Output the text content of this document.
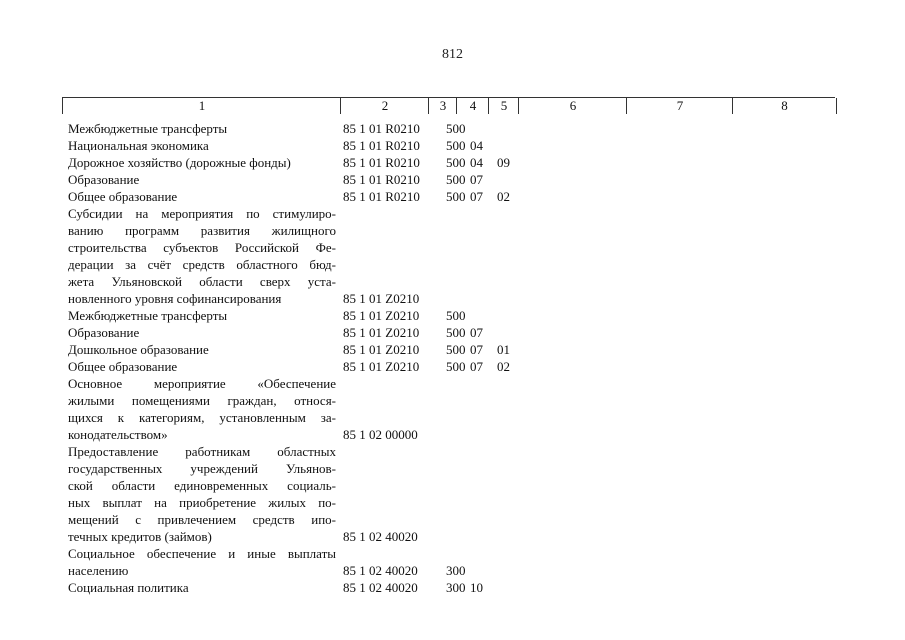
812
1	2	3	4	5	6	7	8
Межбюджетные трансферты	85 1 01 R0210 500
Национальная экономика	85 1 01 R0210 500 04
Дорожное хозяйство (дорожные фонды)	85 1 01 R0210 500 04 09
Образование	85 1 01 R0210 500 07
Общее образование	85 1 01 R0210 500 07 02
Субсидии на мероприятия по стимулиро-
ванию программ развития жилищного
строительства субъектов Российской Фе-
дерации за счёт средств областного бюд-
жета Ульяновской области сверх уста-
новленного уровня софинансирования	85 1 01 Z0210
Межбюджетные трансферты	85 1 01 Z0210 500
Образование	85 1 01 Z0210 500 07
Дошкольное образование	85 1 01 Z0210 500 07 01
Общее образование	85 1 01 Z0210 500 07 02
Основное мероприятие «Обеспечение
жилыми помещениями граждан, относя-
щихся к категориям, установленным за-
конодательством»	85 1 02 00000
Предоставление работникам областных
государственных учреждений Ульянов-
ской области единовременных социаль-
ных выплат на приобретение жилых по-
мещений с привлечением средств ипо-
течных кредитов (займов)	85 1 02 40020
Социальное обеспечение и иные выплаты
населению	85 1 02 40020 300
Социальная политика	85 1 02 40020 300 10
